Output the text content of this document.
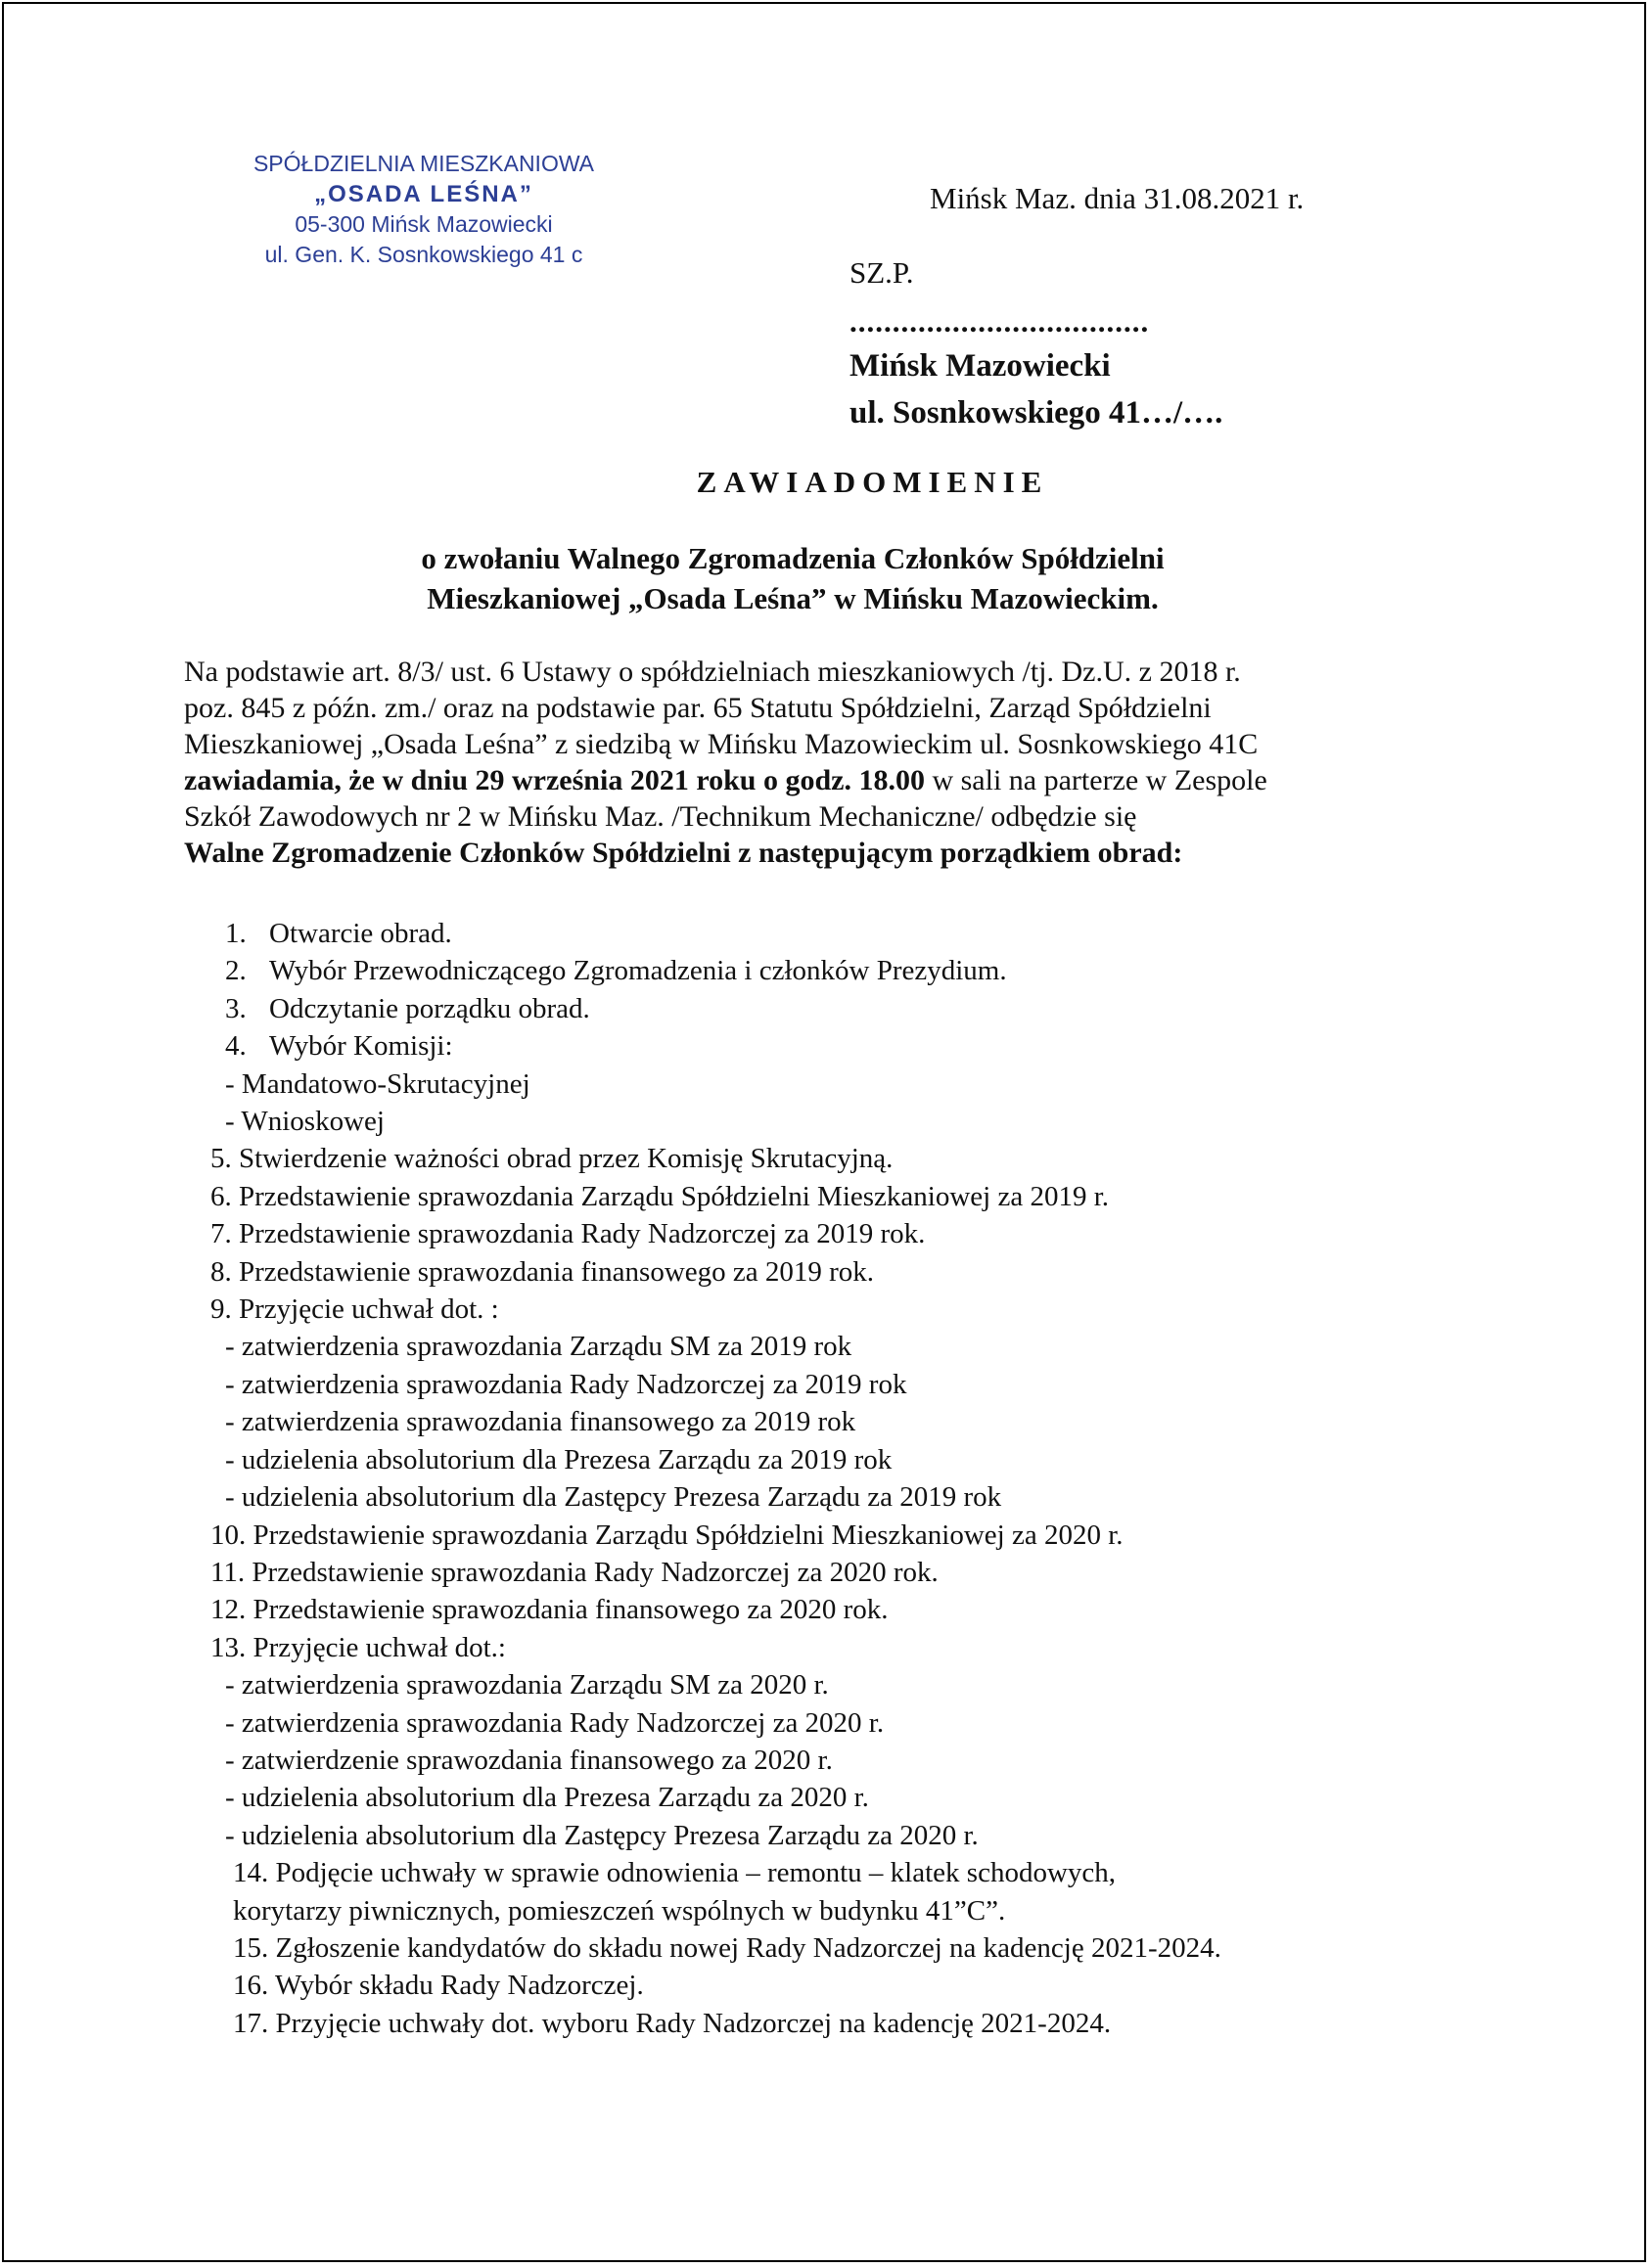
SPÓŁDZIELNIA MIESZKANIOWA
„OSADA LEŚNA”
05-300 Mińsk Mazowiecki
ul. Gen. K. Sosnkowskiego 41 c
Mińsk Maz. dnia 31.08.2021 r.
SZ.P.
...................................
Mińsk Mazowiecki
ul. Sosnkowskiego 41…/….
ZAWIADOMIENIE
o zwołaniu Walnego Zgromadzenia Członków Spółdzielni
Mieszkaniowej „Osada Leśna” w Mińsku Mazowieckim.
Na podstawie art. 8/3/ ust. 6 Ustawy o spółdzielniach mieszkaniowych /tj. Dz.U. z 2018 r.
poz. 845 z późn. zm./ oraz na podstawie par. 65 Statutu Spółdzielni, Zarząd Spółdzielni
Mieszkaniowej „Osada Leśna” z siedzibą w Mińsku Mazowieckim ul. Sosnkowskiego 41C
zawiadamia, że w dniu 29 września 2021 roku o godz. 18.00 w sali na parterze w Zespole
Szkół Zawodowych nr 2 w Mińsku Maz. /Technikum Mechaniczne/ odbędzie się
Walne Zgromadzenie Członków Spółdzielni z następującym porządkiem obrad:
1. Otwarcie obrad.
2. Wybór Przewodniczącego Zgromadzenia i członków Prezydium.
3. Odczytanie porządku obrad.
4. Wybór Komisji:
- Mandatowo-Skrutacyjnej
- Wnioskowej
5. Stwierdzenie ważności obrad przez Komisję Skrutacyjną.
6. Przedstawienie sprawozdania Zarządu Spółdzielni Mieszkaniowej za 2019 r.
7. Przedstawienie sprawozdania Rady Nadzorczej za 2019 rok.
8. Przedstawienie sprawozdania finansowego za 2019 rok.
9. Przyjęcie uchwał dot. :
- zatwierdzenia sprawozdania Zarządu SM za 2019 rok
- zatwierdzenia sprawozdania Rady Nadzorczej za 2019 rok
- zatwierdzenia sprawozdania finansowego za 2019 rok
- udzielenia absolutorium dla Prezesa Zarządu za 2019 rok
- udzielenia absolutorium dla Zastępcy Prezesa Zarządu za 2019 rok
10. Przedstawienie sprawozdania Zarządu Spółdzielni Mieszkaniowej za 2020 r.
11. Przedstawienie sprawozdania Rady Nadzorczej za 2020 rok.
12. Przedstawienie sprawozdania finansowego za 2020 rok.
13. Przyjęcie uchwał dot.:
- zatwierdzenia sprawozdania Zarządu SM za 2020 r.
- zatwierdzenia sprawozdania Rady Nadzorczej za 2020 r.
- zatwierdzenie sprawozdania finansowego za 2020 r.
- udzielenia absolutorium dla Prezesa Zarządu za 2020 r.
- udzielenia absolutorium dla Zastępcy Prezesa Zarządu za 2020 r.
14. Podjęcie uchwały w sprawie odnowienia – remontu – klatek schodowych,
korytarzy piwnicznych, pomieszczeń wspólnych w budynku 41”C”.
15. Zgłoszenie kandydatów do składu nowej Rady Nadzorczej na kadencję 2021-2024.
16. Wybór składu Rady Nadzorczej.
17. Przyjęcie uchwały dot. wyboru Rady Nadzorczej na kadencję 2021-2024.
